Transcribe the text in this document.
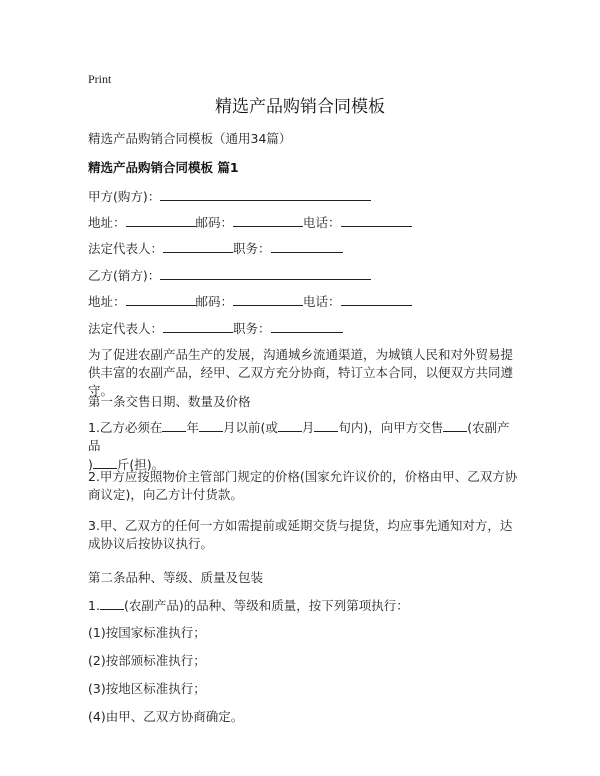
Print
精选产品购销合同模板
精选产品购销合同模板（通用34篇）
精选产品购销合同模板 篇1
甲方(购方)：
地址：	邮码：	电话：
法定代表人：	职务：
乙方(销方)：
地址：	邮码：	电话：
法定代表人：	职务：
为了促进农副产品生产的发展，沟通城乡流通渠道，为城镇人民和对外贸易提供丰富的农副产品，经甲、乙双方充分协商，特订立本合同，以便双方共同遵守。
第一条交售日期、数量及价格
1.乙方必须在 年 月以前(或 月 旬内)，向甲方交售 (农副产品
) 斤(担)。
2.甲方应按照物价主管部门规定的价格(国家允许议价的，价格由甲、乙双方协商议定)，向乙方计付货款。
3.甲、乙双方的任何一方如需提前或延期交货与提货，均应事先通知对方，达成协议后按协议执行。
第二条品种、等级、质量及包装
1. (农副产品)的品种、等级和质量，按下列第项执行：
(1)按国家标准执行；
(2)按部颁标准执行；
(3)按地区标准执行；
(4)由甲、乙双方协商确定。
